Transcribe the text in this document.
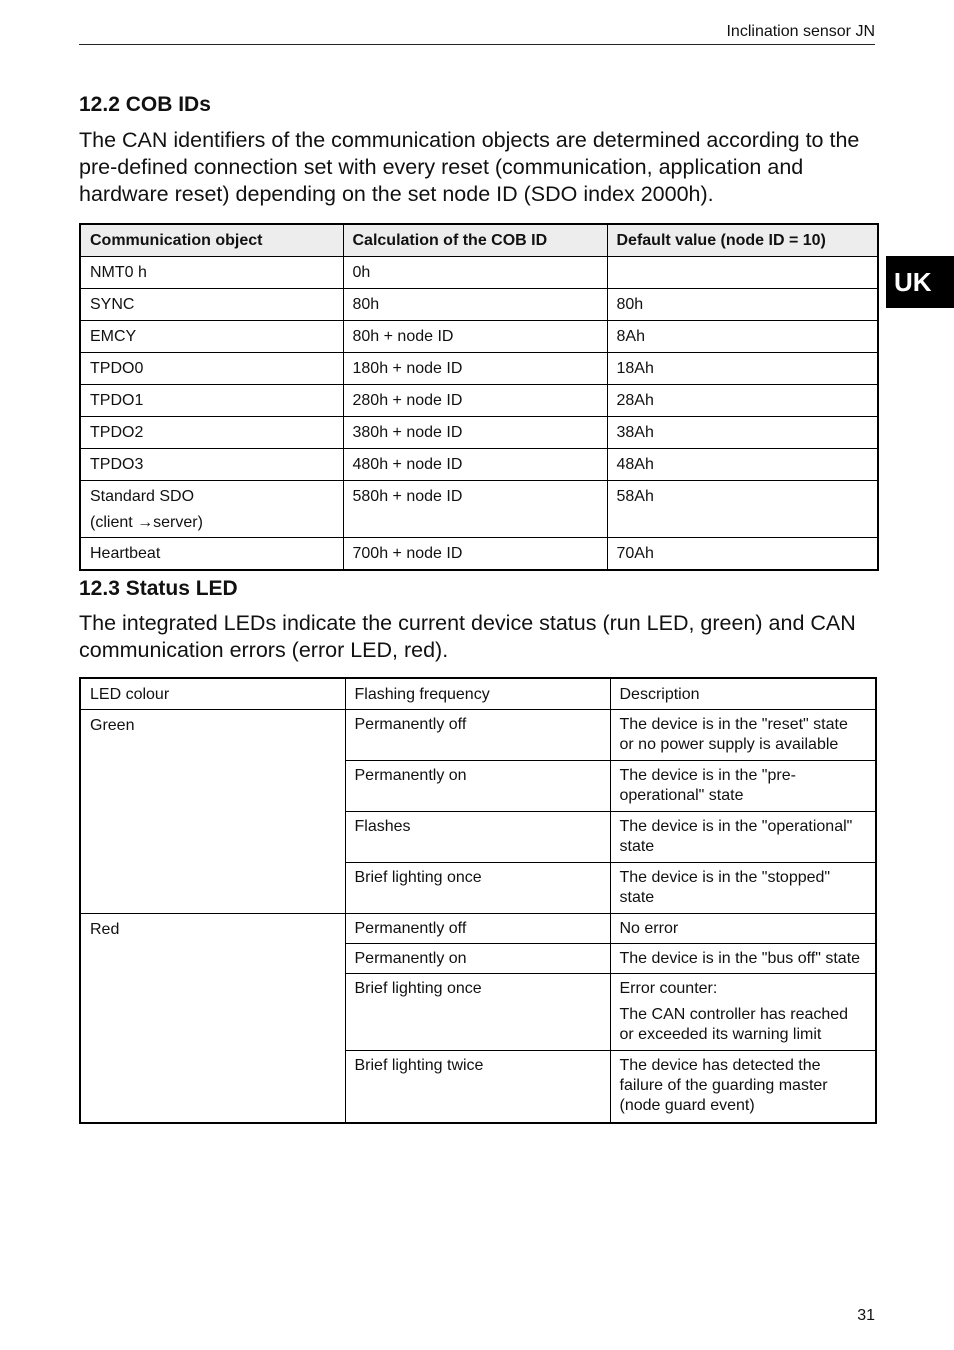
Inclination sensor JN
UK
12.2 COB IDs

The CAN identifiers of the communication objects are determined according to the pre-defined connection set with every reset (communication, application and hardware reset) depending on the set node ID (SDO index 2000h).

Communication object	Calculation of the COB ID	Default value (node ID = 10)
NMT0 h	0h	
SYNC	80h	80h
EMCY	80h + node ID	8Ah
TPDO0	180h + node ID	18Ah
TPDO1	280h + node ID	28Ah
TPDO2	380h + node ID	38Ah
TPDO3	480h + node ID	48Ah
Standard SDO
(client →server)	580h + node ID	58Ah
Heartbeat	700h + node ID	70Ah
12.3 Status LED

The integrated LEDs indicate the current device status (run LED, green) and CAN communication errors (error LED, red).

LED colour	Flashing frequency	Description
Green	Permanently off	The device is in the "reset" state or no power supply is available
	Permanently on	The device is in the "pre-operational" state
	Flashes	The device is in the "operational" state
	Brief lighting once	The device is in the "stopped" state
Red	Permanently off	No error
	Permanently on	The device is in the "bus off" state
	Brief lighting once	Error counter:
The CAN controller has reached or exceeded its warning limit

	Brief lighting twice	The device has detected the failure of the guarding master (node guard event)
31
